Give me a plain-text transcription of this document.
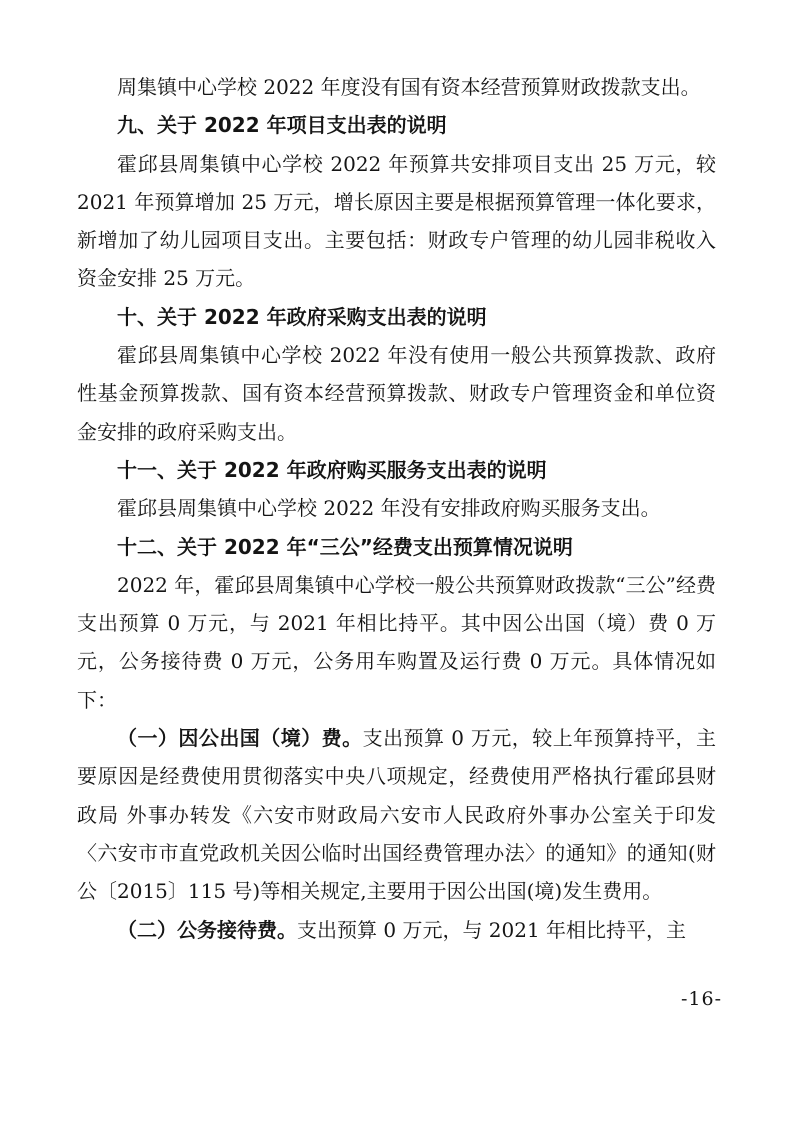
周集镇中心学校 2022 年度没有国有资本经营预算财政拨款支出。

九、关于 2022 年项目支出表的说明

霍邱县周集镇中心学校 2022 年预算共安排项目支出 25 万元，较 2021 年预算增加 25 万元，增长原因主要是根据预算管理一体化要求，新增加了幼儿园项目支出。主要包括：财政专户管理的幼儿园非税收入资金安排 25 万元。

十、关于 2022 年政府采购支出表的说明

霍邱县周集镇中心学校 2022 年没有使用一般公共预算拨款、政府性基金预算拨款、国有资本经营预算拨款、财政专户管理资金和单位资金安排的政府采购支出。

十一、关于 2022 年政府购买服务支出表的说明

霍邱县周集镇中心学校 2022 年没有安排政府购买服务支出。

十二、关于 2022 年“三公”经费支出预算情况说明

2022 年，霍邱县周集镇中心学校一般公共预算财政拨款“三公”经费支出预算 0 万元，与 2021 年相比持平。其中因公出国（境）费 0 万元，公务接待费 0 万元，公务用车购置及运行费 0 万元。具体情况如下：

（一）因公出国（境）费。支出预算 0 万元，较上年预算持平，主要原因是经费使用贯彻落实中央八项规定，经费使用严格执行霍邱县财政局 外事办转发《六安市财政局六安市人民政府外事办公室关于印发〈六安市市直党政机关因公临时出国经费管理办法〉的通知》的通知(财公〔2015〕115 号)等相关规定,主要用于因公出国(境)发生费用。

（二）公务接待费。支出预算 0 万元，与 2021 年相比持平，主

-16-
